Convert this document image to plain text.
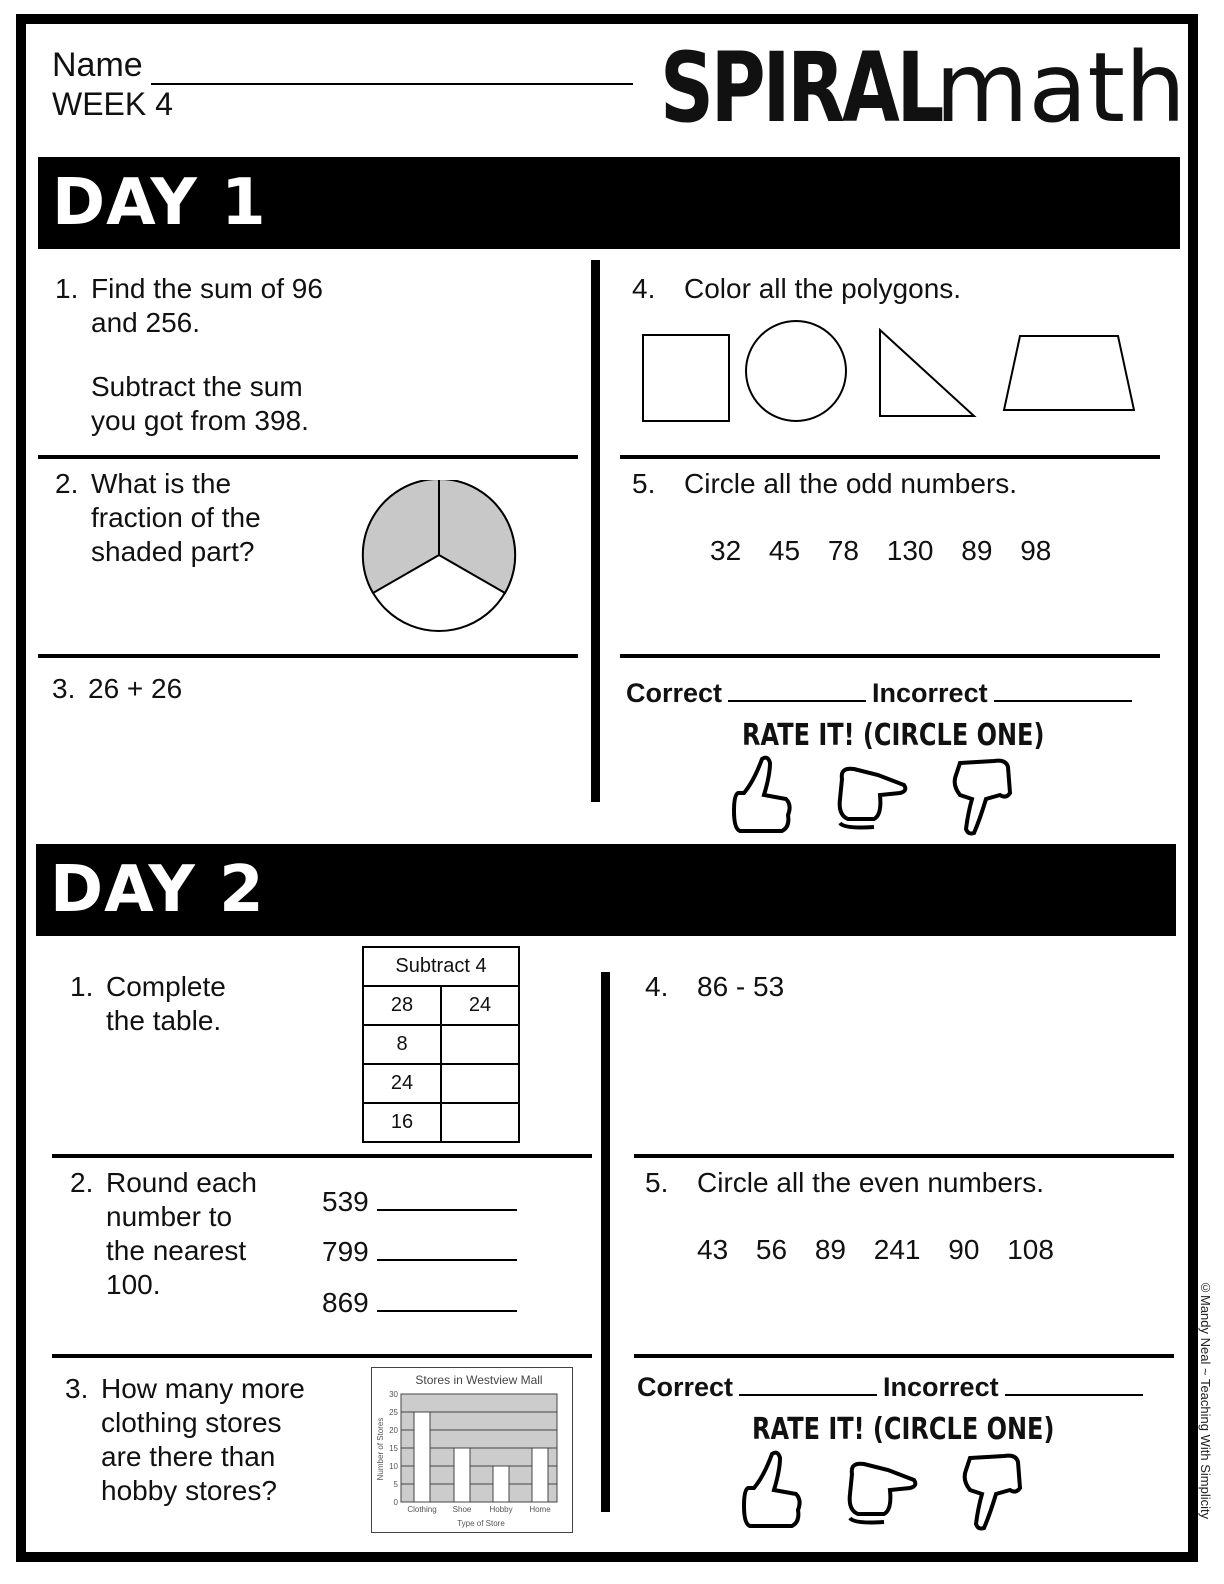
Name
WEEK 4	SPIRAL
math
DAY 1
1. Find the sum of 96
and 256.
Subtract the sum
you got from 398.
2. What is the
fraction of the
shaded part?
3. 26 + 26
4.	Color all the polygons.
5.	Circle all the odd numbers.
32 45 78 130 89 98
Correct	Incorrect
RATE IT! (CIRCLE ONE)
DAY 2
1. Complete
the table.
Subtract 4	
28	24
8	
24	
16	
2. Round each
number to
the nearest
100.
539
799
869
3. How many more
clothing stores
are there than
hobby stores?
Stores in Westview Mall
30
25
20
15
10
5
0
Clothing Shoe Hobby Home
Type of Store
Number of Stores
4.	86 - 53
5.	Circle all the even numbers.
43 56 89 241 90 108
Correct	Incorrect
RATE IT! (CIRCLE ONE)	©Mandy Neal ~ Teaching With Simplicity
